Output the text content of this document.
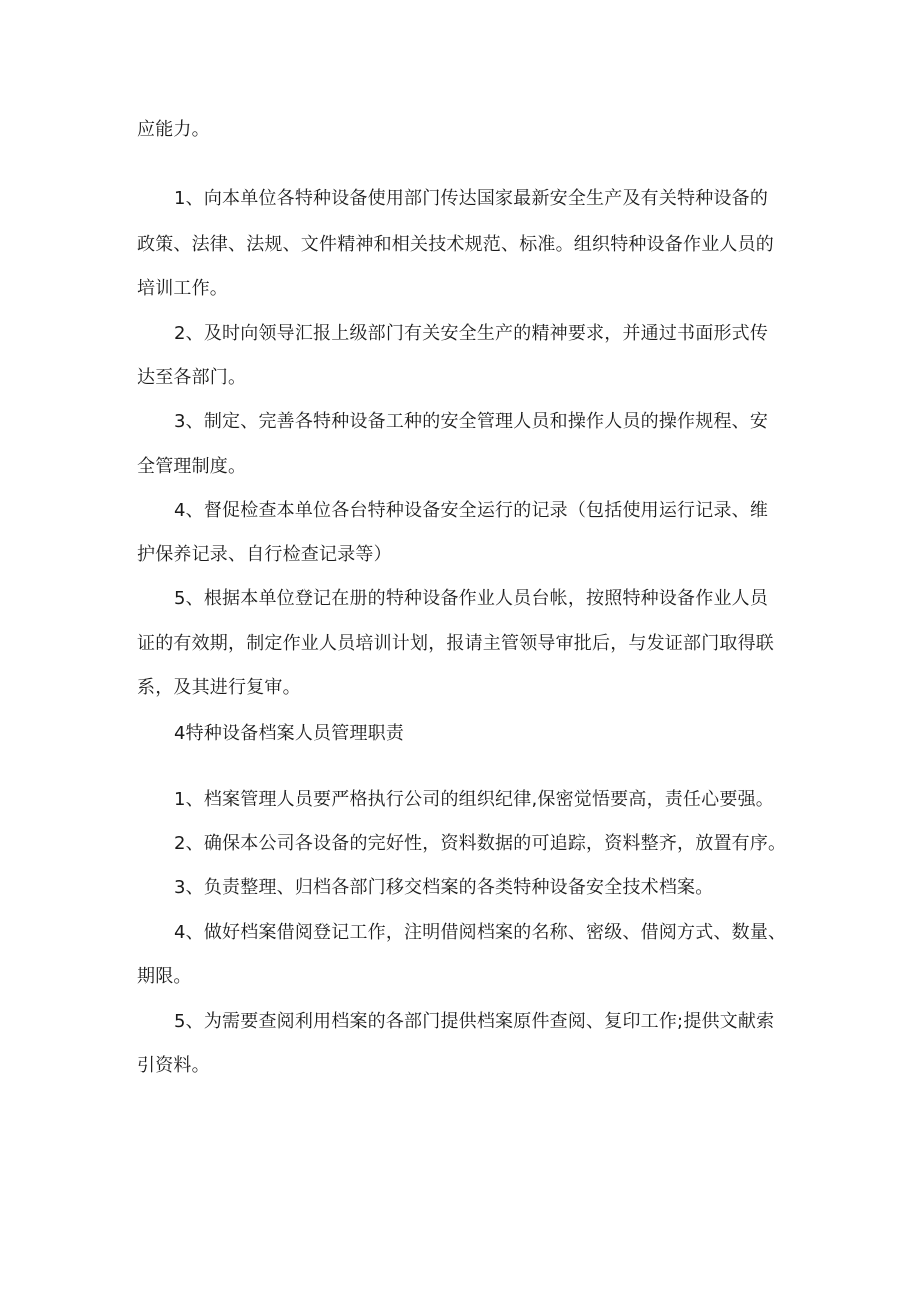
应能力。
1、向本单位各特种设备使用部门传达国家最新安全生产及有关特种设备的
政策、法律、法规、文件精神和相关技术规范、标准。组织特种设备作业人员的
培训工作。
2、及时向领导汇报上级部门有关安全生产的精神要求，并通过书面形式传
达至各部门。
3、制定、完善各特种设备工种的安全管理人员和操作人员的操作规程、安
全管理制度。
4、督促检查本单位各台特种设备安全运行的记录（包括使用运行记录、维
护保养记录、自行检查记录等）
5、根据本单位登记在册的特种设备作业人员台帐，按照特种设备作业人员
证的有效期，制定作业人员培训计划，报请主管领导审批后，与发证部门取得联
系，及其进行复审。
4特种设备档案人员管理职责
1、档案管理人员要严格执行公司的组织纪律,保密觉悟要高，责任心要强。
2、确保本公司各设备的完好性，资料数据的可追踪，资料整齐，放置有序。
3、负责整理、归档各部门移交档案的各类特种设备安全技术档案。
4、做好档案借阅登记工作，注明借阅档案的名称、密级、借阅方式、数量、
期限。
5、为需要查阅利用档案的各部门提供档案原件查阅、复印工作;提供文献索
引资料。
